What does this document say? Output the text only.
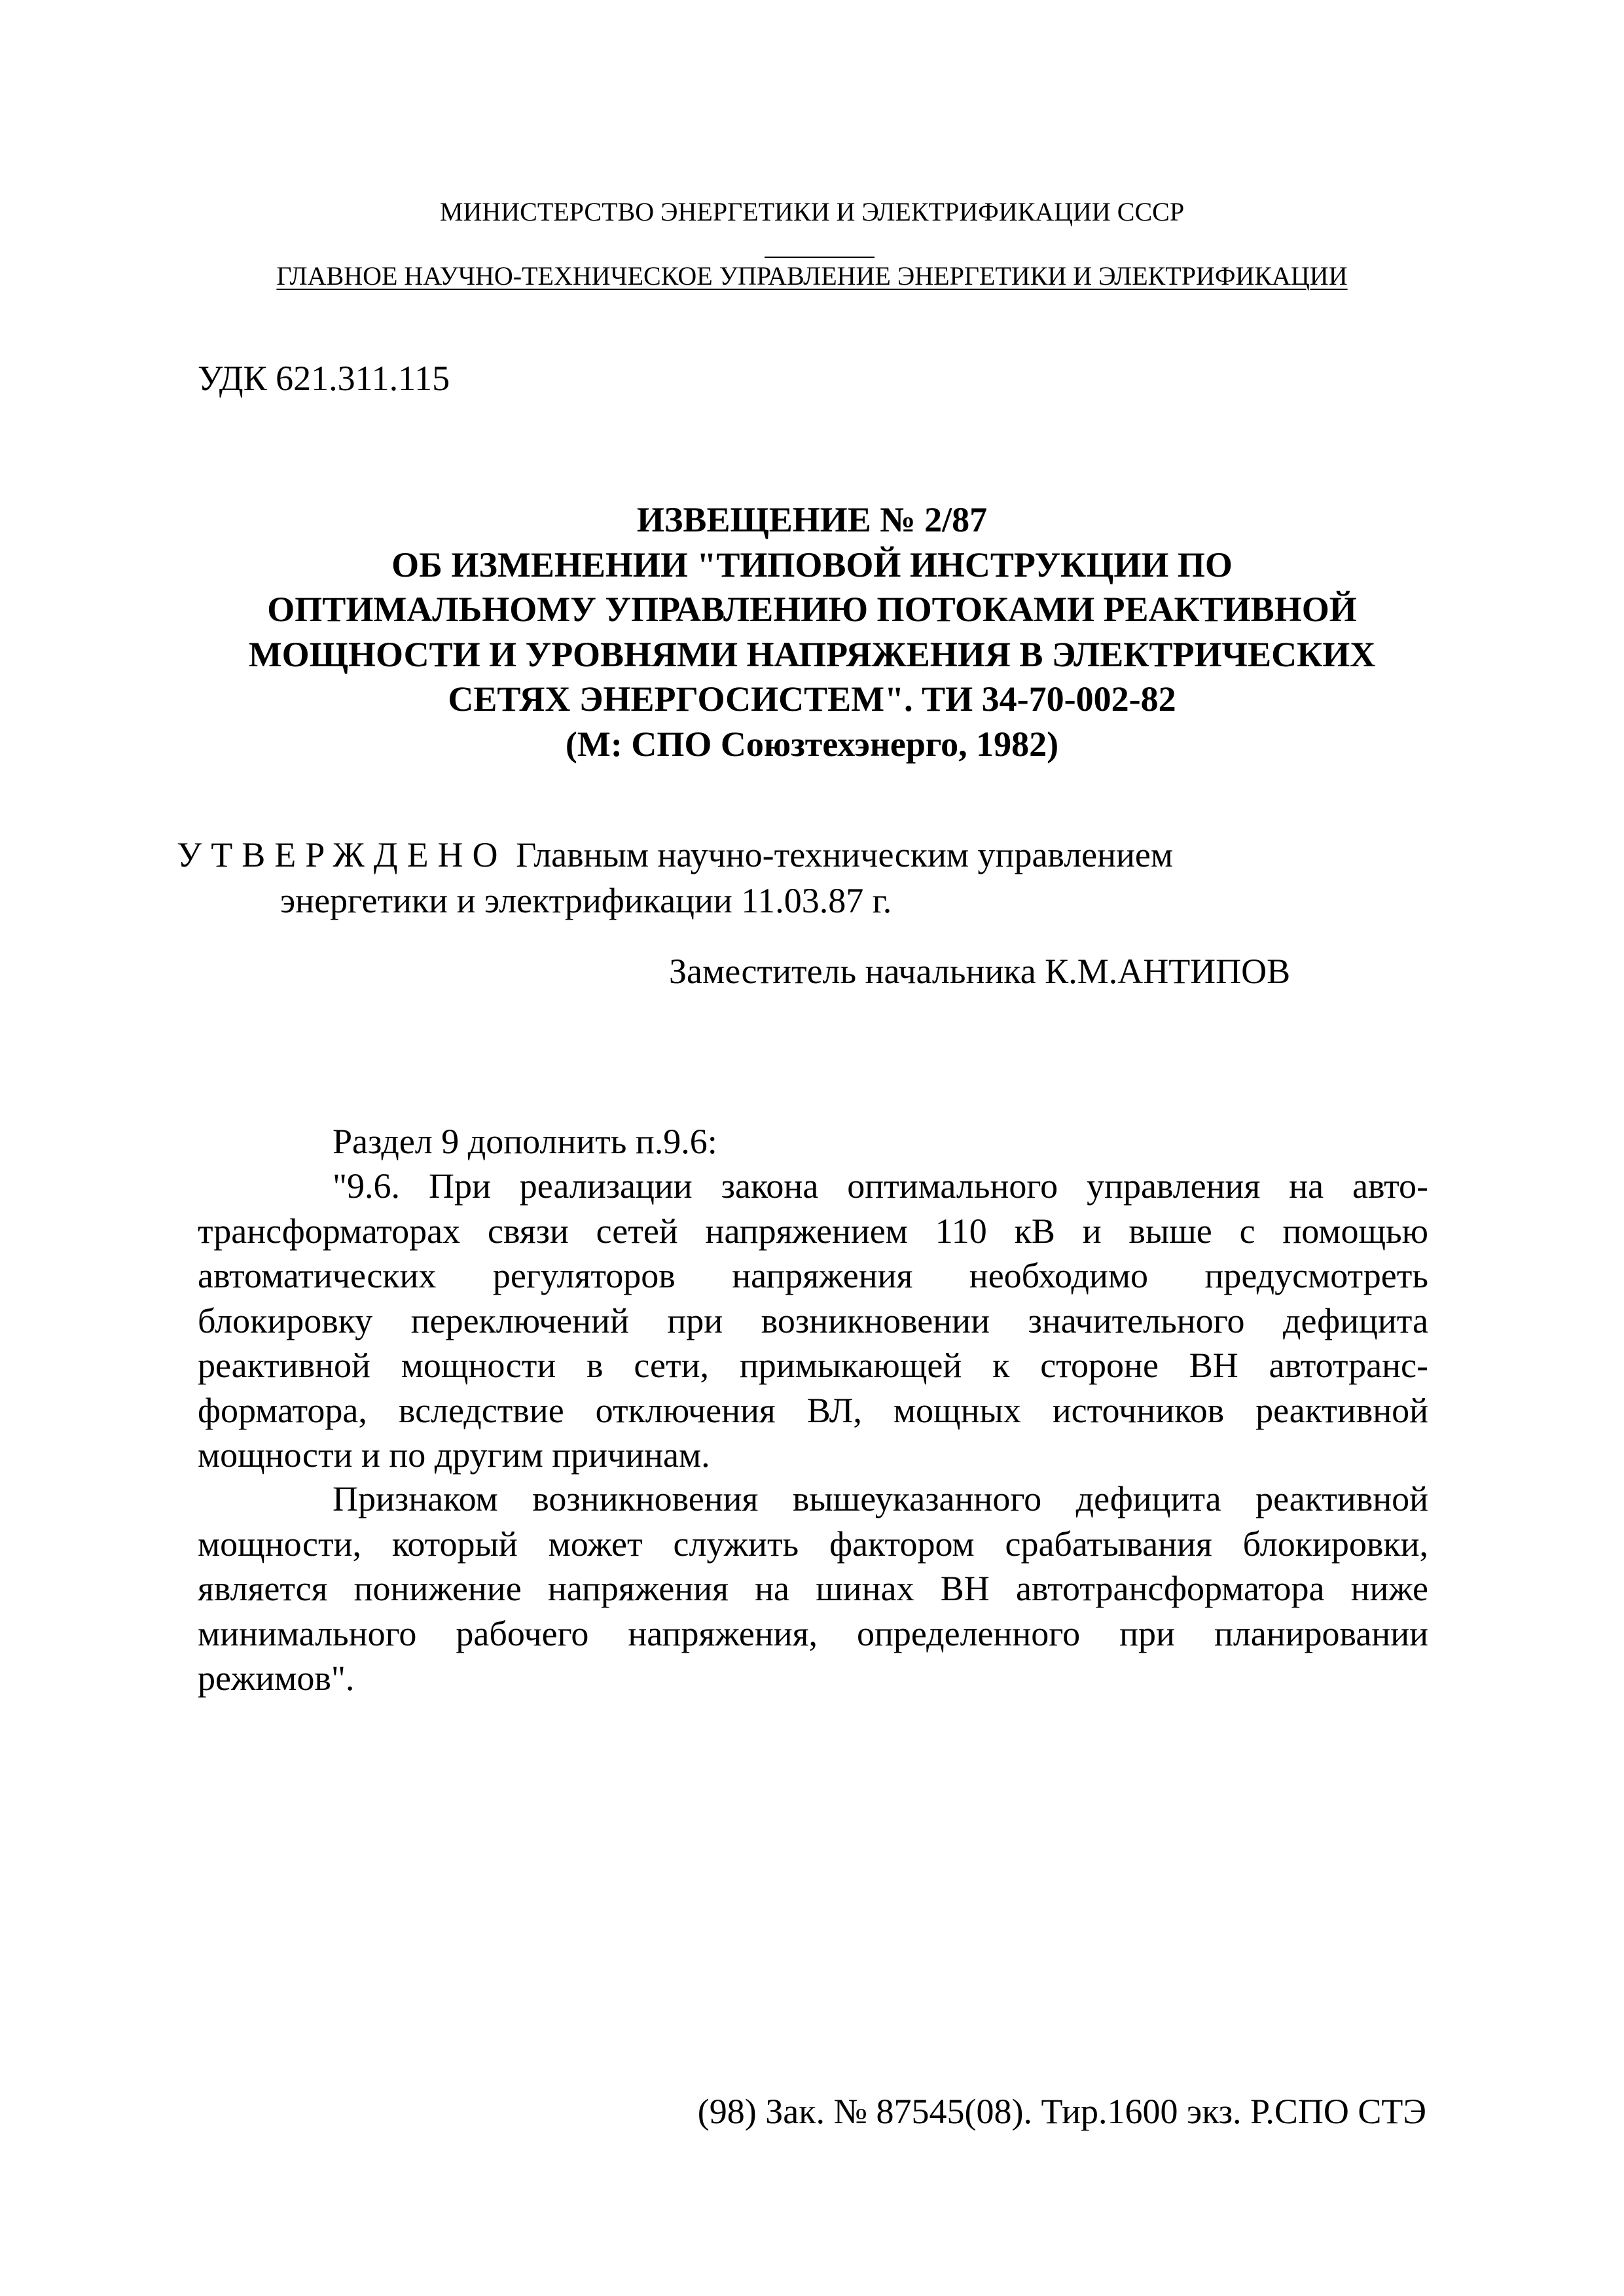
МИНИСТЕРСТВО ЭНЕРГЕТИКИ И ЭЛЕКТРИФИКАЦИИ СССР
ГЛАВНОЕ НАУЧНО-ТЕХНИЧЕСКОЕ УПРАВЛЕНИЕ ЭНЕРГЕТИКИ И ЭЛЕКТРИФИКАЦИИ
УДК 621.311.115
ИЗВЕЩЕНИЕ № 2/87
ОБ ИЗМЕНЕНИИ "ТИПОВОЙ ИНСТРУКЦИИ ПО
ОПТИМАЛЬНОМУ УПРАВЛЕНИЮ ПОТОКАМИ РЕАКТИВНОЙ
МОЩНОСТИ И УРОВНЯМИ НАПРЯЖЕНИЯ В ЭЛЕКТРИЧЕСКИХ
СЕТЯХ ЭНЕРГОСИСТЕМ". ТИ 34-70-002-82
(М: СПО Союзтехэнерго, 1982)
УТВЕРЖДЕНО Главным научно-техническим управлением
энергетики и электрификации 11.03.87 г.
Заместитель начальника К.М.АНТИПОВ
Раздел 9 дополнить п.9.6:
"9.6. При реализации закона оптимального управления на авто-
трансформаторах связи сетей напряжением 110 кВ и выше с помощью
автоматических регуляторов напряжения необходимо предусмотреть
блокировку переключений при возникновении значительного дефицита
реактивной мощности в сети, примыкающей к стороне ВН автотранс-
форматора, вследствие отключения ВЛ, мощных источников реактивной
мощности и по другим причинам.
Признаком возникновения вышеуказанного дефицита реактивной
мощности, который может служить фактором срабатывания блокировки,
является понижение напряжения на шинах ВН автотрансформатора ниже
минимального рабочего напряжения, определенного при планировании
режимов".
(98) Зак. № 87545(08). Тир.1600 экз. Р.СПО СТЭ
